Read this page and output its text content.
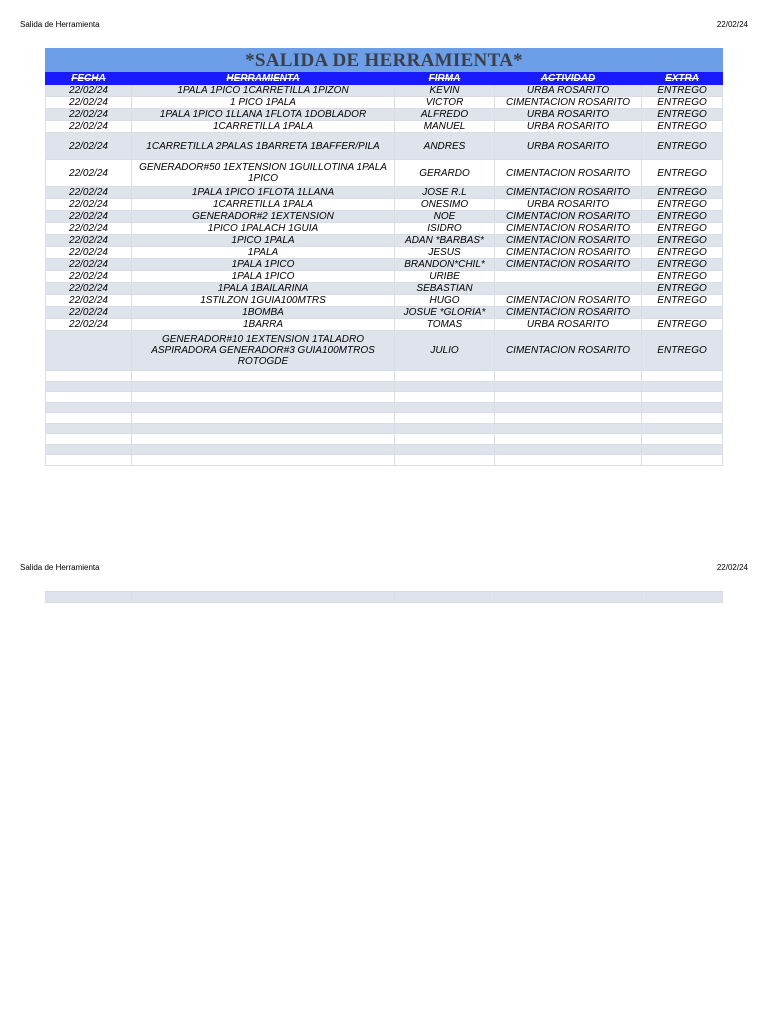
Salida de Herramienta	22/02/24
*SALIDA DE HERRAMIENTA*				
FECHA	HERRAMIENTA	FIRMA	ACTIVIDAD	EXTRA
22/02/24	1PALA 1PICO 1CARRETILLA 1PIZON	KEVIN	URBA ROSARITO	ENTREGO
22/02/24	1 PICO 1PALA	VICTOR	CIMENTACION ROSARITO	ENTREGO
22/02/24	1PALA 1PICO 1LLANA 1FLOTA 1DOBLADOR	ALFREDO	URBA ROSARITO	ENTREGO
22/02/24	1CARRETILLA 1PALA	MANUEL	URBA ROSARITO	ENTREGO
22/02/24	1CARRETILLA 2PALAS 1BARRETA 1BAFFER/PILA	ANDRES	URBA ROSARITO	ENTREGO
22/02/24	GENERADOR#50 1EXTENSION 1GUILLOTINA 1PALA 1PICO	GERARDO	CIMENTACION ROSARITO	ENTREGO
22/02/24	1PALA 1PICO 1FLOTA 1LLANA	JOSE R.L	CIMENTACION ROSARITO	ENTREGO
22/02/24	1CARRETILLA 1PALA	ONESIMO	URBA ROSARITO	ENTREGO
22/02/24	GENERADOR#2 1EXTENSION	NOE	CIMENTACION ROSARITO	ENTREGO
22/02/24	1PICO 1PALACH 1GUIA	ISIDRO	CIMENTACION ROSARITO	ENTREGO
22/02/24	1PICO 1PALA	ADAN *BARBAS*	CIMENTACION ROSARITO	ENTREGO
22/02/24	1PALA	JESUS	CIMENTACION ROSARITO	ENTREGO
22/02/24	1PALA 1PICO	BRANDON*CHIL*	CIMENTACION ROSARITO	ENTREGO
22/02/24	1PALA 1PICO	URIBE		ENTREGO
22/02/24	1PALA 1BAILARINA	SEBASTIAN		ENTREGO
22/02/24	1STILZON 1GUIA100MTRS	HUGO	CIMENTACION ROSARITO	ENTREGO
22/02/24	1BOMBA	JOSUE *GLORIA*	CIMENTACION ROSARITO	
22/02/24	1BARRA	TOMAS	URBA ROSARITO	ENTREGO
	GENERADOR#10 1EXTENSION 1TALADRO ASPIRADORA GENERADOR#3 GUIA100MTROS ROTOGDE	JULIO	CIMENTACION ROSARITO	ENTREGO

Salida de Herramienta	22/02/24
